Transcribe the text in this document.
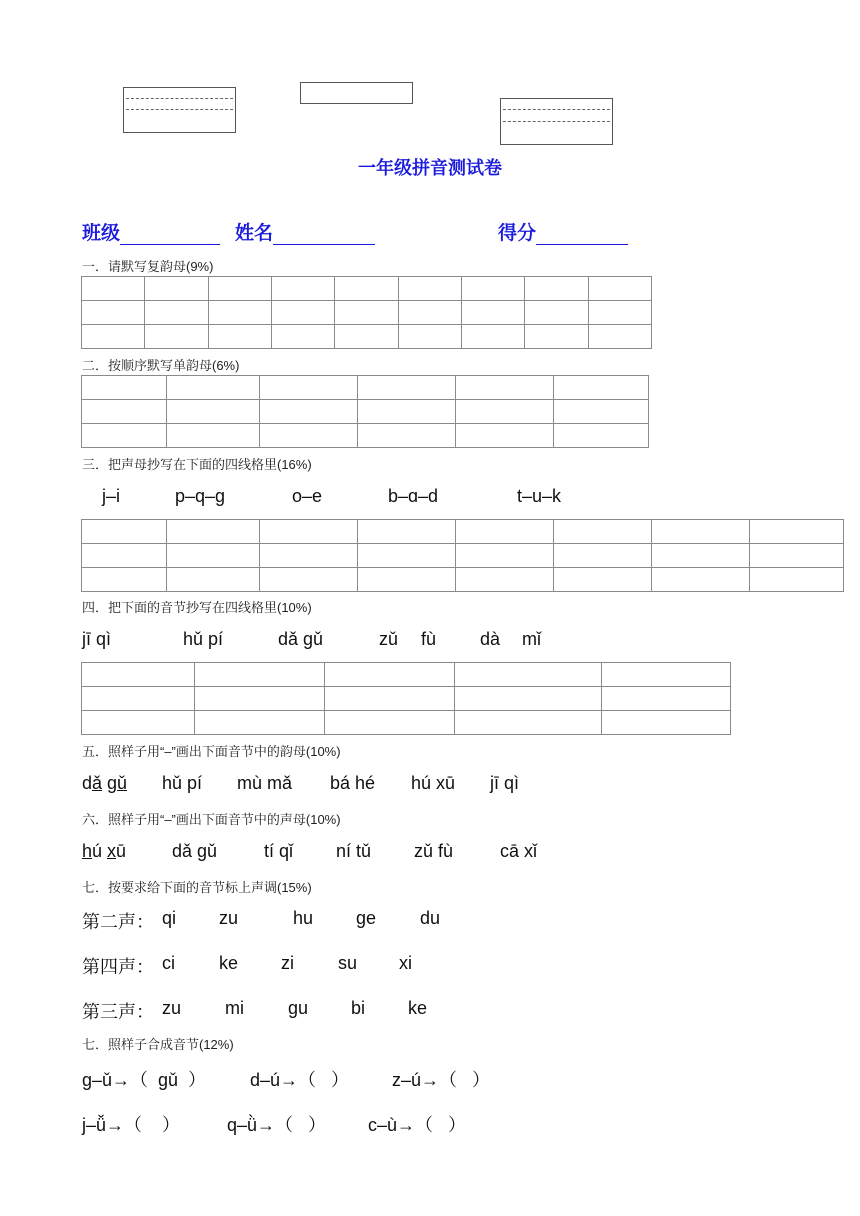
一年级拼音测试卷
班级	姓名	得分
一．请默写复韵母(9%)

二．按顺序默写单韵母(6%)

三．把声母抄写在下面的四线格里(16%)

j–i

	p–q–g

	o–e

	b–ɑ–d

	t–u–k

四．把下面的音节抄写在四线格里(10%)

jī qì

	hǔ pí

	dǎ gǔ

	zǔ

fù

dà

mǐ

五．照样子用“–”画出下面音节中的韵母(10%)

dǎ gǔ

hǔ pí

mù mǎ

bá hé

hú xū

jī qì

六．照样子用“–”画出下面音节中的声母(10%)

hú xū

	dǎ gǔ

	tí qǐ

ní tǔ

zǔ fù

	cā xǐ

七．按要求给下面的音节标上声调(15%)

第二声：

qi

zu

	hu

ge

du

第四声：

ci

ke

zi

su

xi

第三声：

zu

mi

gu

bi

ke

七．照样子合成音节(12%)

g–ǔ→（  gǔ  ）

d–ú→（   ）

z–ú→（   ）

j–ǚ→（    ）

	q–ǜ→（   ）

c–ù→（   ）
